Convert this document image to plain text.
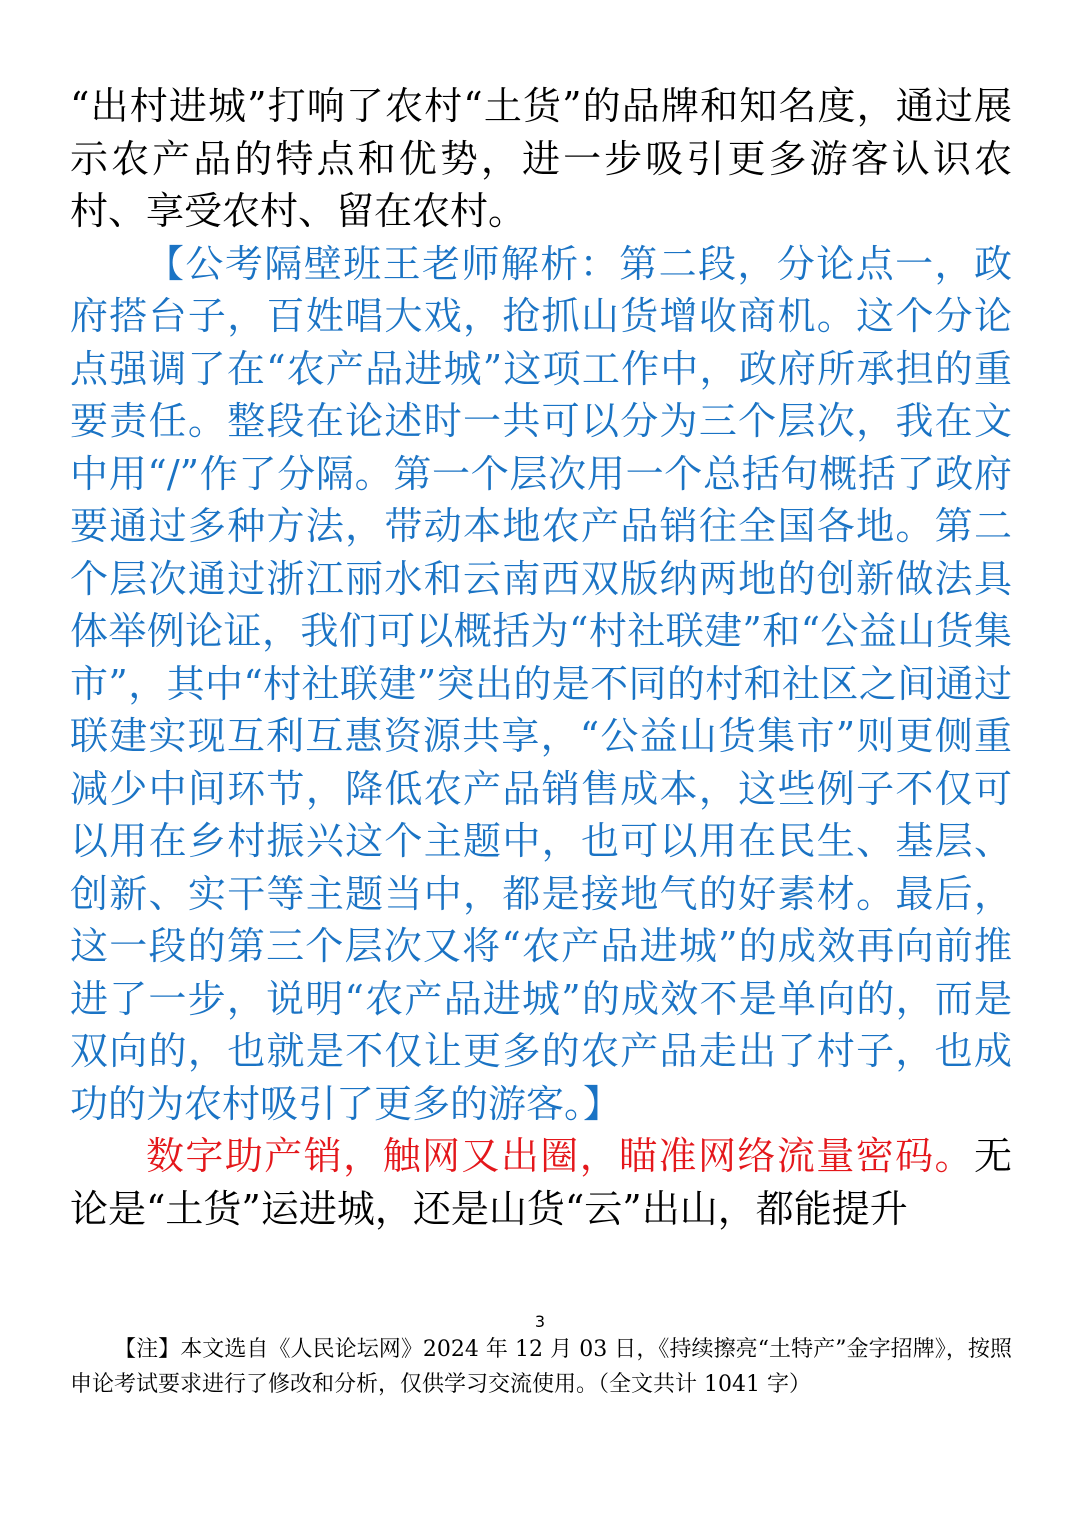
“出村进城”打响了农村“土货”的品牌和知名度，通过展示农产品的特点和优势，进一步吸引更多游客认识农村、享受农村、留在农村。

【公考隔壁班王老师解析：第二段，分论点一，政府搭台子，百姓唱大戏，抢抓山货增收商机。这个分论点强调了在“农产品进城”这项工作中，政府所承担的重要责任。整段在论述时一共可以分为三个层次，我在文中用“/”作了分隔。第一个层次用一个总括句概括了政府要通过多种方法，带动本地农产品销往全国各地。第二个层次通过浙江丽水和云南西双版纳两地的创新做法具体举例论证，我们可以概括为“村社联建”和“公益山货集市”，其中“村社联建”突出的是不同的村和社区之间通过联建实现互利互惠资源共享，“公益山货集市”则更侧重减少中间环节，降低农产品销售成本，这些例子不仅可以用在乡村振兴这个主题中，也可以用在民生、基层、创新、实干等主题当中，都是接地气的好素材。最后，这一段的第三个层次又将“农产品进城”的成效再向前推进了一步，说明“农产品进城”的成效不是单向的，而是双向的，也就是不仅让更多的农产品走出了村子，也成功的为农村吸引了更多的游客。】

数字助产销，触网又出圈，瞄准网络流量密码。无论是“土货”运进城，还是山货“云”出山，都能提升

3
【注】本文选自《人民论坛网》2024 年 12 月 03 日，《持续擦亮“土特产”金字招牌》，按照申论考试要求进行了修改和分析，仅供学习交流使用。（全文共计 1041 字）
